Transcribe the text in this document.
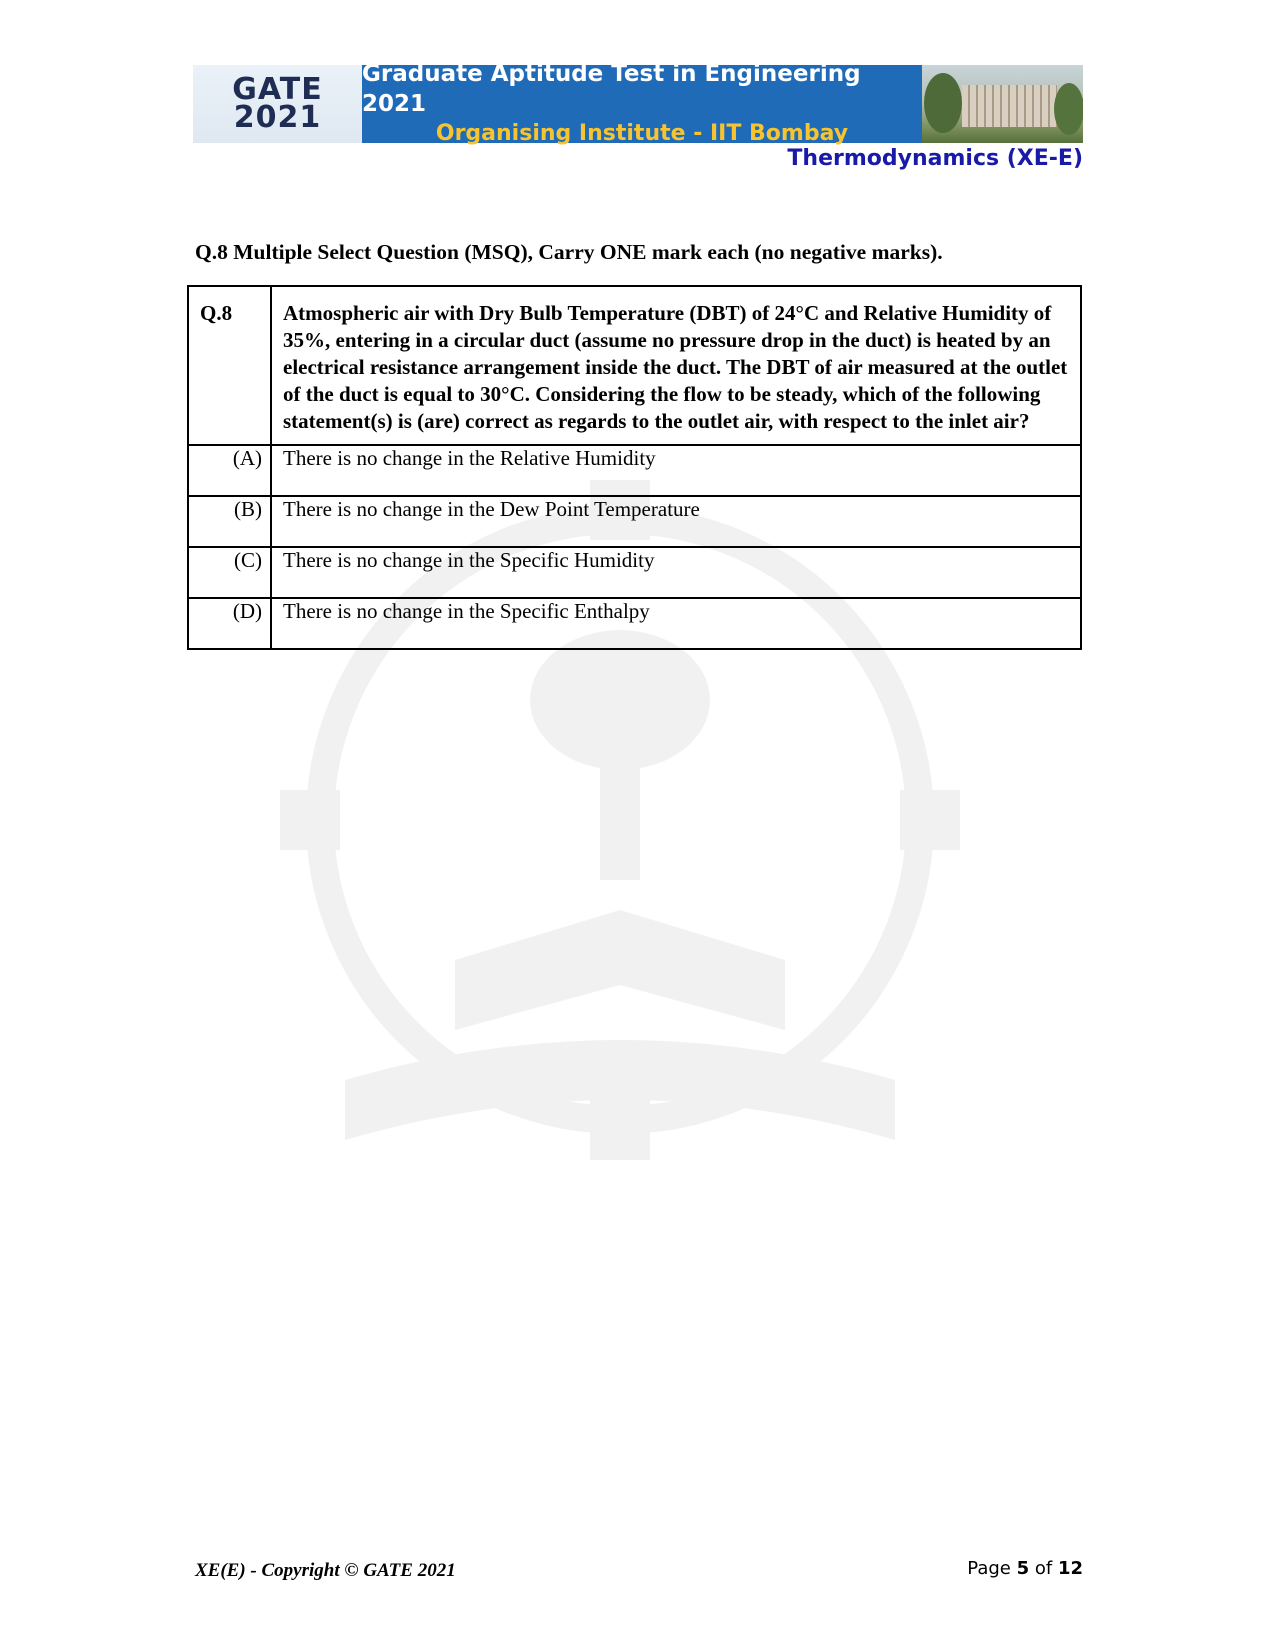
GATE
2021
Graduate Aptitude Test in Engineering 2021
Organising Institute - IIT Bombay
Thermodynamics (XE-E)
Q.8 Multiple Select Question (MSQ), Carry ONE mark each (no negative marks).
Q.8	Atmospheric air with Dry Bulb Temperature (DBT) of 24°C and Relative Humidity of 35%, entering in a circular duct (assume no pressure drop in the duct) is heated by an electrical resistance arrangement inside the duct. The DBT of air measured at the outlet of the duct is equal to 30°C. Considering the flow to be steady, which of the following statement(s) is (are) correct as regards to the outlet air, with respect to the inlet air?
(A)	There is no change in the Relative Humidity
(B)	There is no change in the Dew Point Temperature
(C)	There is no change in the Specific Humidity
(D)	There is no change in the Specific Enthalpy
XE(E) - Copyright © GATE 2021	Page 5 of 12
